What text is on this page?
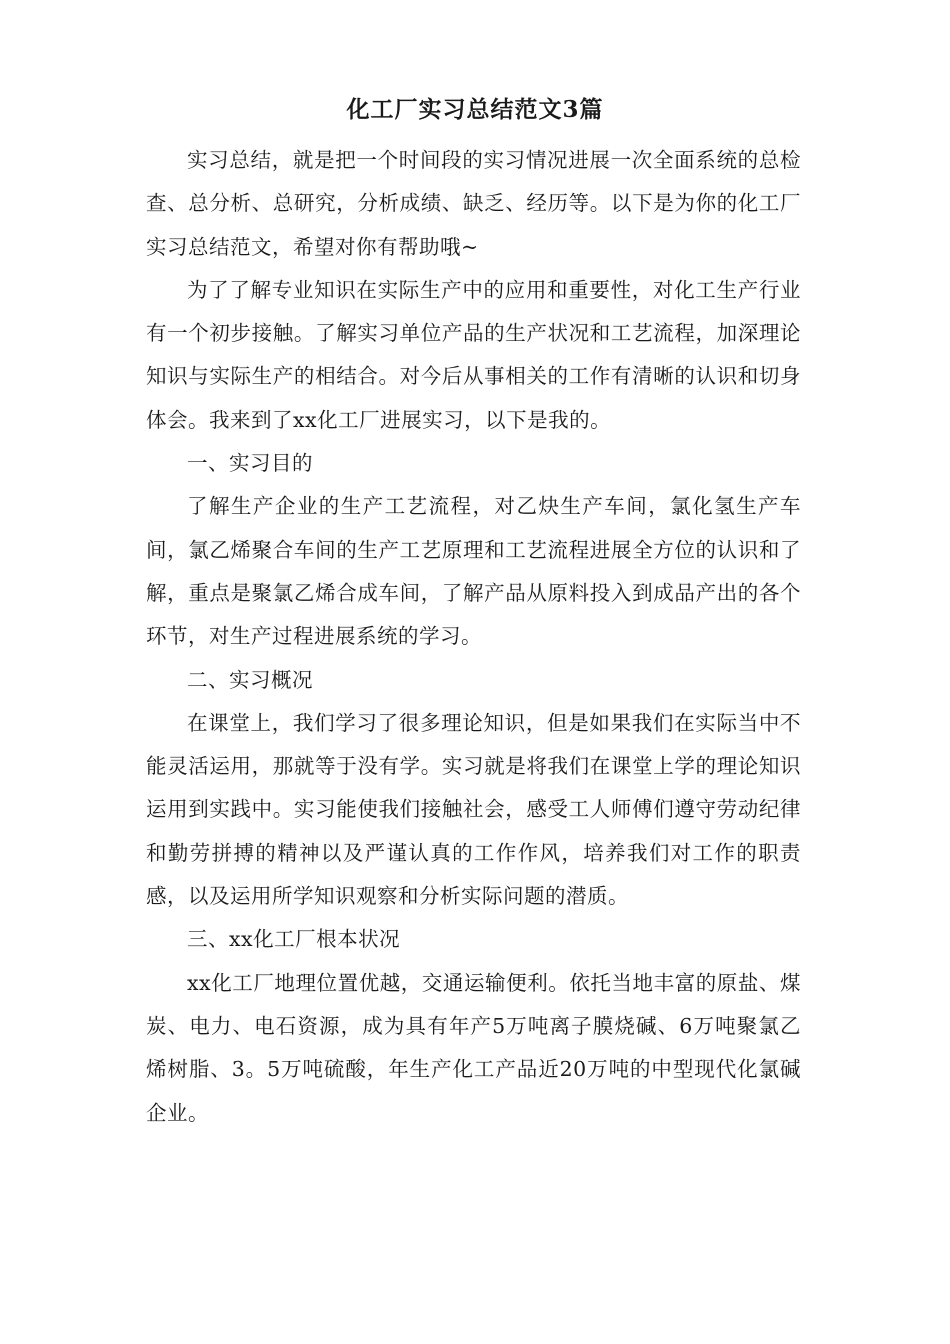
化工厂实习总结范文3篇

实习总结，就是把一个时间段的实习情况进展一次全面系统的总检查、总分析、总研究，分析成绩、缺乏、经历等。以下是为你的化工厂实习总结范文，希望对你有帮助哦~

为了了解专业知识在实际生产中的应用和重要性，对化工生产行业有一个初步接触。了解实习单位产品的生产状况和工艺流程，加深理论知识与实际生产的相结合。对今后从事相关的工作有清晰的认识和切身体会。我来到了xx化工厂进展实习，以下是我的。

一、实习目的

了解生产企业的生产工艺流程，对乙炔生产车间，氯化氢生产车间，氯乙烯聚合车间的生产工艺原理和工艺流程进展全方位的认识和了解，重点是聚氯乙烯合成车间，了解产品从原料投入到成品产出的各个环节，对生产过程进展系统的学习。

二、实习概况

在课堂上，我们学习了很多理论知识，但是如果我们在实际当中不能灵活运用，那就等于没有学。实习就是将我们在课堂上学的理论知识运用到实践中。实习能使我们接触社会，感受工人师傅们遵守劳动纪律和勤劳拼搏的精神以及严谨认真的工作作风，培养我们对工作的职责感，以及运用所学知识观察和分析实际问题的潜质。

三、xx化工厂根本状况

xx化工厂地理位置优越，交通运输便利。依托当地丰富的原盐、煤炭、电力、电石资源，成为具有年产5万吨离子膜烧碱、6万吨聚氯乙烯树脂、3。5万吨硫酸，年生产化工产品近20万吨的中型现代化氯碱企业。
